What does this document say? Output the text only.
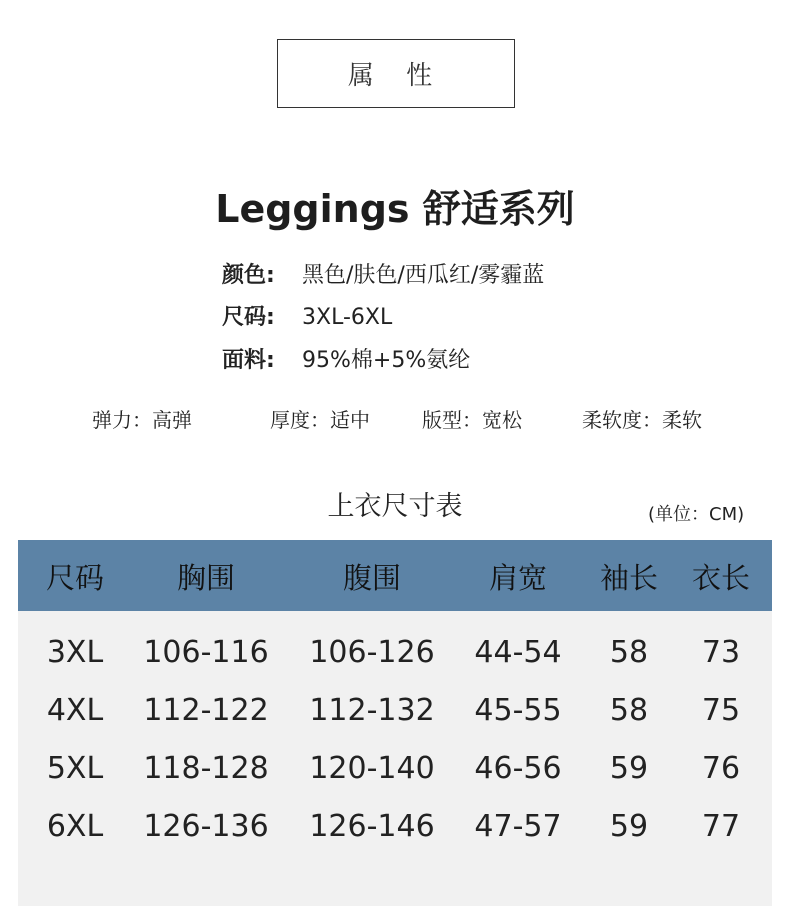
属 性
Leggings 舒适系列
颜色: 黑色/肤色/西瓜红/雾霾蓝
尺码: 3XL-6XL
面料: 95%棉+5%氨纶
弹力：高弹	厚度：适中	版型：宽松	柔软度：柔软
上衣尺寸表	(单位：CM)
尺码	胸围	腹围	肩宽 袖长 衣长
3XL 106-116 106-126 44-54 58 73
4XL 112-122 112-132 45-55 58 75
5XL 118-128 120-140 46-56 59 76
6XL 126-136 126-146 47-57 59 77
